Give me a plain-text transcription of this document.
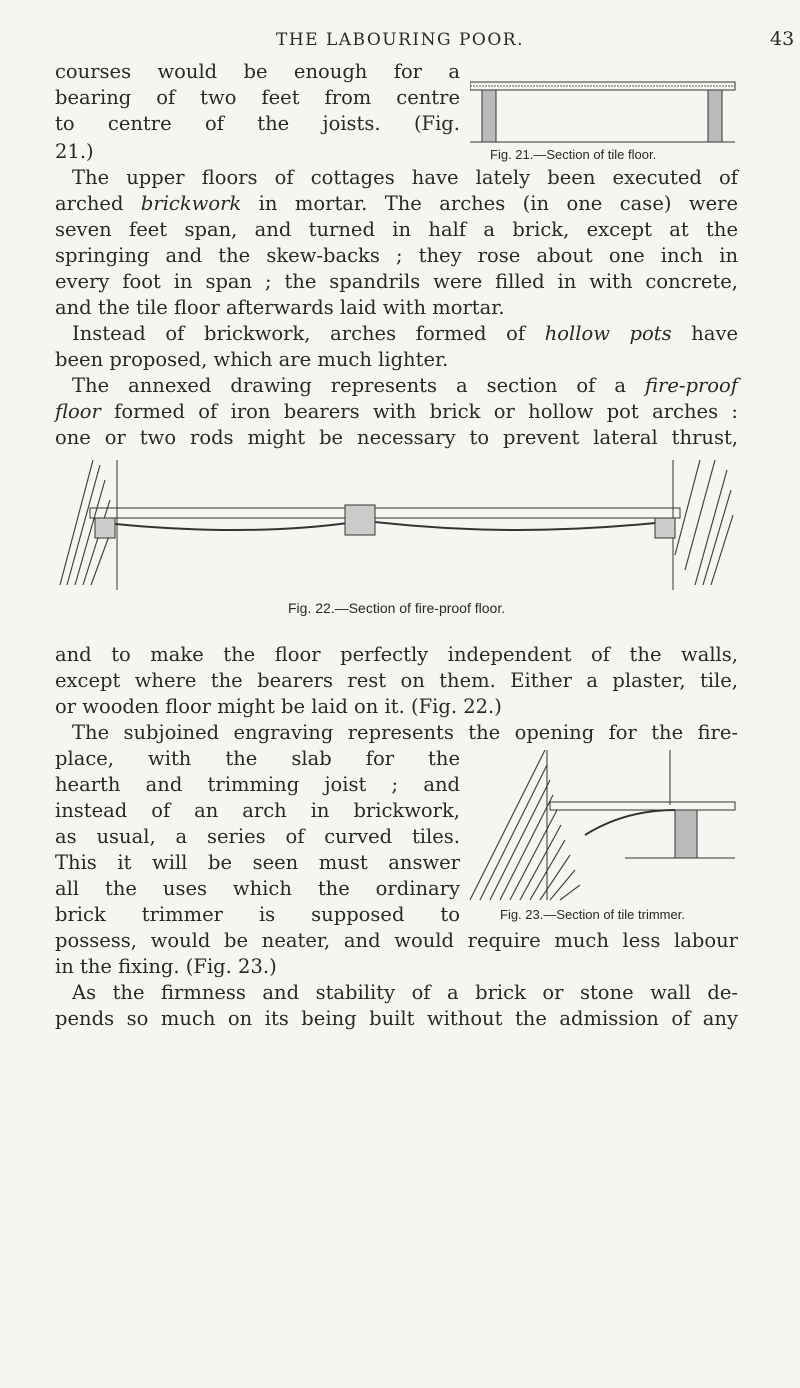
THE LABOURING POOR.	43
courses would be enough for a
bearing of two feet from centre
to centre of the joists. (Fig.
21.)	Fig. 21.—Section of tile floor.
The upper floors of cottages have lately been executed of
arched brickwork in mortar. The arches (in one case) were
seven feet span, and turned in half a brick, except at the
springing and the skew-backs ; they rose about one inch in
every foot in span ; the spandrils were filled in with concrete,
and the tile floor afterwards laid with mortar.
Instead of brickwork, arches formed of hollow pots have
been proposed, which are much lighter.
The annexed drawing represents a section of a fire-proof
floor formed of iron bearers with brick or hollow pot arches :
one or two rods might be necessary to prevent lateral thrust,
Fig. 22.—Section of fire-proof floor.
and to make the floor perfectly independent of the walls,
except where the bearers rest on them. Either a plaster, tile,
or wooden floor might be laid on it. (Fig. 22.)
The subjoined engraving represents the opening for the fire-
place, with the slab for the
hearth and trimming joist ; and
instead of an arch in brickwork,
as usual, a series of curved tiles.
This it will be seen must answer
all the uses which the ordinary
brick trimmer is supposed to	Fig. 23.—Section of tile trimmer.
possess, would be neater, and would require much less labour
in the fixing. (Fig. 23.)
As the firmness and stability of a brick or stone wall de-
pends so much on its being built without the admission of any
